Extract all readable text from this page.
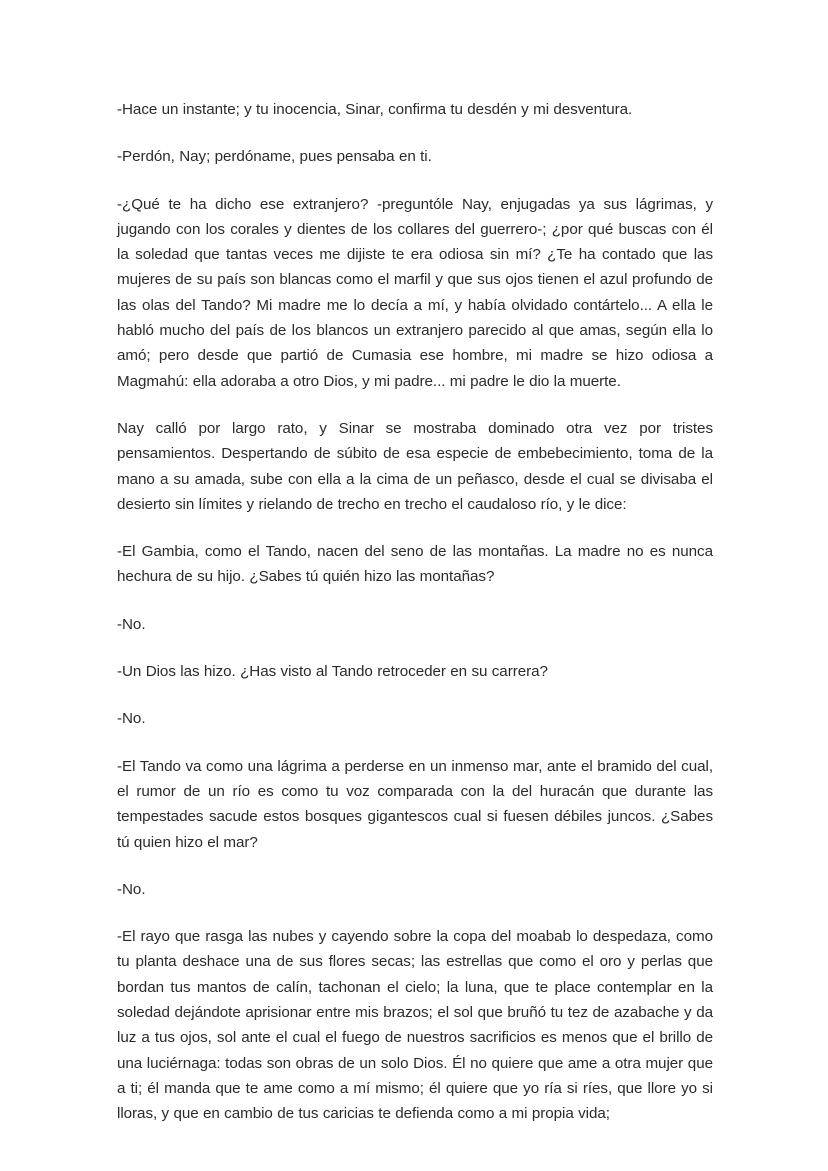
-Hace un instante; y tu inocencia, Sinar, confirma tu desdén y mi desventura.

-Perdón, Nay; perdóname, pues pensaba en ti.

-¿Qué te ha dicho ese extranjero? -preguntóle Nay, enjugadas ya sus lágrimas, y jugando con los corales y dientes de los collares del guerrero-; ¿por qué buscas con él la soledad que tantas veces me dijiste te era odiosa sin mí? ¿Te ha contado que las mujeres de su país son blancas como el marfil y que sus ojos tienen el azul profundo de las olas del Tando? Mi madre me lo decía a mí, y había olvidado contártelo... A ella le habló mucho del país de los blancos un extranjero parecido al que amas, según ella lo amó; pero desde que partió de Cumasia ese hombre, mi madre se hizo odiosa a Magmahú: ella adoraba a otro Dios, y mi padre... mi padre le dio la muerte.

Nay calló por largo rato, y Sinar se mostraba dominado otra vez por tristes pensamientos. Despertando de súbito de esa especie de embebecimiento, toma de la mano a su amada, sube con ella a la cima de un peñasco, desde el cual se divisaba el desierto sin límites y rielando de trecho en trecho el caudaloso río, y le dice:

-El Gambia, como el Tando, nacen del seno de las montañas. La madre no es nunca hechura de su hijo. ¿Sabes tú quién hizo las montañas?

-No.

-Un Dios las hizo. ¿Has visto al Tando retroceder en su carrera?

-No.

-El Tando va como una lágrima a perderse en un inmenso mar, ante el bramido del cual, el rumor de un río es como tu voz comparada con la del huracán que durante las tempestades sacude estos bosques gigantescos cual si fuesen débiles juncos. ¿Sabes tú quien hizo el mar?

-No.

-El rayo que rasga las nubes y cayendo sobre la copa del moabab lo despedaza, como tu planta deshace una de sus flores secas; las estrellas que como el oro y perlas que bordan tus mantos de calín, tachonan el cielo; la luna, que te place contemplar en la soledad dejándote aprisionar entre mis brazos; el sol que bruñó tu tez de azabache y da luz a tus ojos, sol ante el cual el fuego de nuestros sacrificios es menos que el brillo de una luciérnaga: todas son obras de un solo Dios. Él no quiere que ame a otra mujer que a ti; él manda que te ame como a mí mismo; él quiere que yo ría si ríes, que llore yo si lloras, y que en cambio de tus caricias te defienda como a mi propia vida;
